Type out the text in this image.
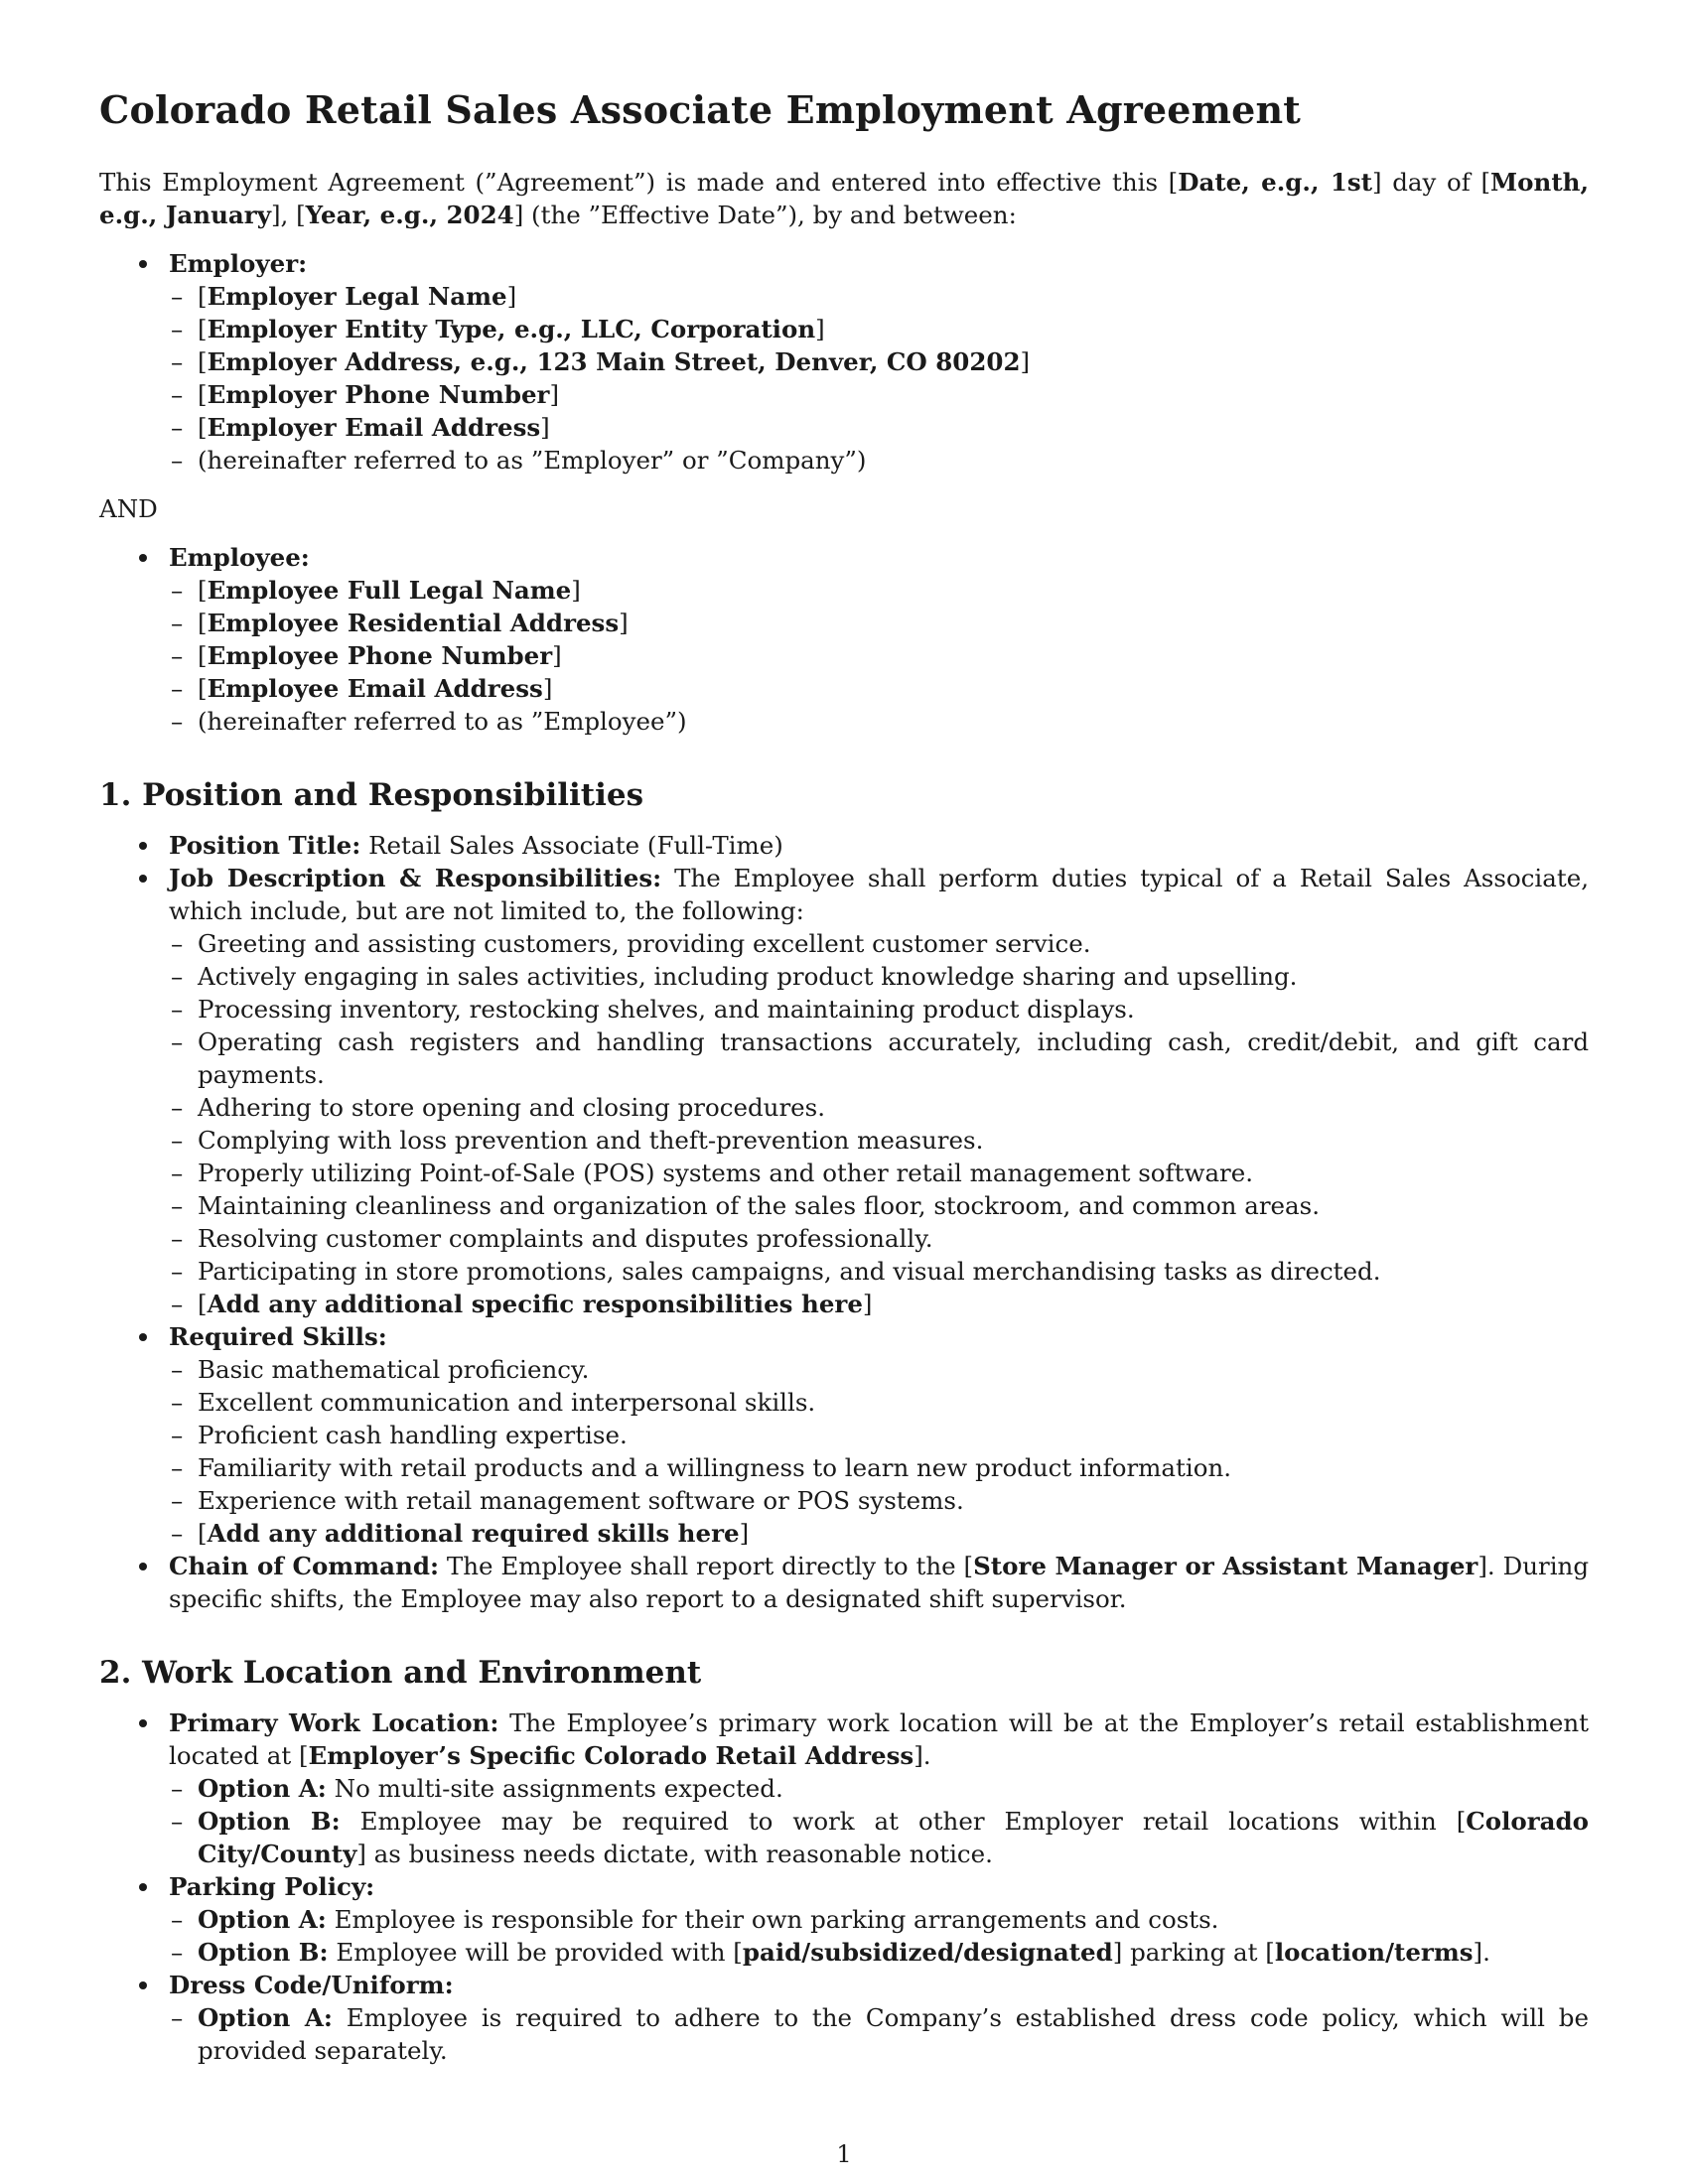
Colorado Retail Sales Associate Employment Agreement

This Employment Agreement (”Agreement”) is made and entered into effective this [Date, e.g., 1st] day of [Month, e.g., January], [Year, e.g., 2024] (the ”Effective Date”), by and between:

Employer:
– [Employer Legal Name]
– [Employer Entity Type, e.g., LLC, Corporation]
– [Employer Address, e.g., 123 Main Street, Denver, CO 80202]
– [Employer Phone Number]
– [Employer Email Address]
– (hereinafter referred to as ”Employer” or ”Company”)

AND

Employee:
– [Employee Full Legal Name]
– [Employee Residential Address]
– [Employee Phone Number]
– [Employee Email Address]
– (hereinafter referred to as ”Employee”)
1. Position and Responsibilities
Position Title: Retail Sales Associate (Full-Time)
Job Description & Responsibilities: The Employee shall perform duties typical of a Retail Sales Associate, which include, but are not limited to, the following:
– Greeting and assisting customers, providing excellent customer service.
– Actively engaging in sales activities, including product knowledge sharing and upselling.
– Processing inventory, restocking shelves, and maintaining product displays.
– Operating cash registers and handling transactions accurately, including cash, credit/debit, and gift card payments.
– Adhering to store opening and closing procedures.
– Complying with loss prevention and theft-prevention measures.
– Properly utilizing Point-of-Sale (POS) systems and other retail management software.
– Maintaining cleanliness and organization of the sales floor, stockroom, and common areas.
– Resolving customer complaints and disputes professionally.
– Participating in store promotions, sales campaigns, and visual merchandising tasks as directed.
– [Add any additional specific responsibilities here]
Required Skills:
– Basic mathematical proficiency.
– Excellent communication and interpersonal skills.
– Proficient cash handling expertise.
– Familiarity with retail products and a willingness to learn new product information.
– Experience with retail management software or POS systems.
– [Add any additional required skills here]
Chain of Command: The Employee shall report directly to the [Store Manager or Assistant Manager]. During specific shifts, the Employee may also report to a designated shift supervisor.
2. Work Location and Environment
Primary Work Location: The Employee’s primary work location will be at the Employer’s retail establishment located at [Employer’s Specific Colorado Retail Address].
– Option A: No multi-site assignments expected.
– Option B: Employee may be required to work at other Employer retail locations within [Colorado City/County] as business needs dictate, with reasonable notice.
Parking Policy:
– Option A: Employee is responsible for their own parking arrangements and costs.
– Option B: Employee will be provided with [paid/subsidized/designated] parking at [location/terms].
Dress Code/Uniform:
– Option A: Employee is required to adhere to the Company’s established dress code policy, which will be provided separately.
1
